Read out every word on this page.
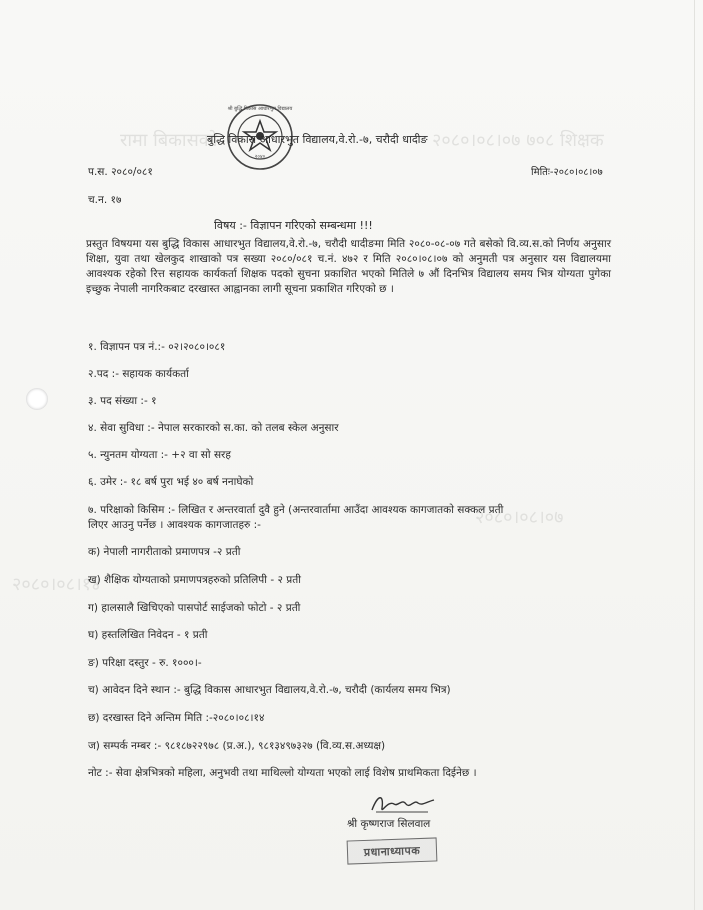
२०८०।०८।०७ ७०८ शिक्षक
रामा बिकासको
२०८०।०८।०७
२०८०।०८।१४
२०४०
श्री बुद्धि विकास आधारभुत विद्यालय
बुद्धि विकास आधारभुत विद्यालय,वे.रो.-७, चरौदी धादीङ
प.स. २०८०/०८१	मितिः-२०८०।०८।०७
च.न. १७
विषय :- विज्ञापन गरिएको सम्बन्धमा !!!
प्रस्तुत विषयमा यस बुद्धि विकास आधारभुत विद्यालय,वे.रो.-७, चरौदी धादीङमा मिति २०८०-०८-०७ गते बसेको वि.व्य.स.को निर्णय अनुसार शिक्षा, युवा तथा खेलकुद शाखाको पत्र सख्या २०८०/०८१ च.नं. ४७२ र मिति २०८०।०८।०७ को अनुमती पत्र अनुसार यस विद्यालयमा आवश्यक रहेको रित्त सहायक कार्यकर्ता शिक्षक पदको सुचना प्रकाशित भएको मितिले ७ औं दिनभित्र विद्यालय समय भित्र योग्यता पुगेका इच्छुक नेपाली नागरिकबाट दरखास्त आह्वानका लागी सूचना प्रकाशित गरिएको छ ।
१. विज्ञापन पत्र नं.:- ०२।२०८०।०८१
२.पद :- सहायक कार्यकर्ता
३. पद संख्या :- १
४. सेवा सुविधा :- नेपाल सरकारको स.का. को तलब स्केल अनुसार
५. न्युनतम योग्यता :- +२ वा सो सरह
६. उमेर :- १८ बर्ष पुरा भई ४० बर्ष ननाघेको
७. परिक्षाको किसिम :- लिखित र अन्तरवार्ता दुवै हुने (अन्तरवार्तामा आउँदा आवश्यक कागजातको सक्कल प्रती
लिएर आउनु पर्नेछ । आवश्यक कागजातहरु :-
क) नेपाली नागरीताको प्रमाणपत्र -२ प्रती
ख) शैक्षिक योग्यताको प्रमाणपत्रहरुको प्रतिलिपी - २ प्रती
ग) हालसालै खिचिएको पासपोर्ट साईजको फोटो - २ प्रती
घ) हस्तलिखित निवेदन - १ प्रती
ङ) परिक्षा दस्तुर - रु. १०००।-
च) आवेदन दिने स्थान :- बुद्धि विकास आधारभुत विद्यालय,वे.रो.-७, चरौदी (कार्यलय समय भित्र)
छ) दरखास्त दिने अन्तिम मिति :-२०८०।०८।१४
ज) सम्पर्क नम्बर :- ९८१८७२२९७८ (प्र.अ.), ९८१३४९७३२७ (वि.व्य.स.अध्यक्ष)
नोट :- सेवा क्षेत्रभित्रको महिला, अनुभवी तथा माथिल्लो योग्यता भएको लाई विशेष प्राथमिकता दिईनेछ ।
श्री कृष्णराज सिलवाल
प्रधानाध्यापक
